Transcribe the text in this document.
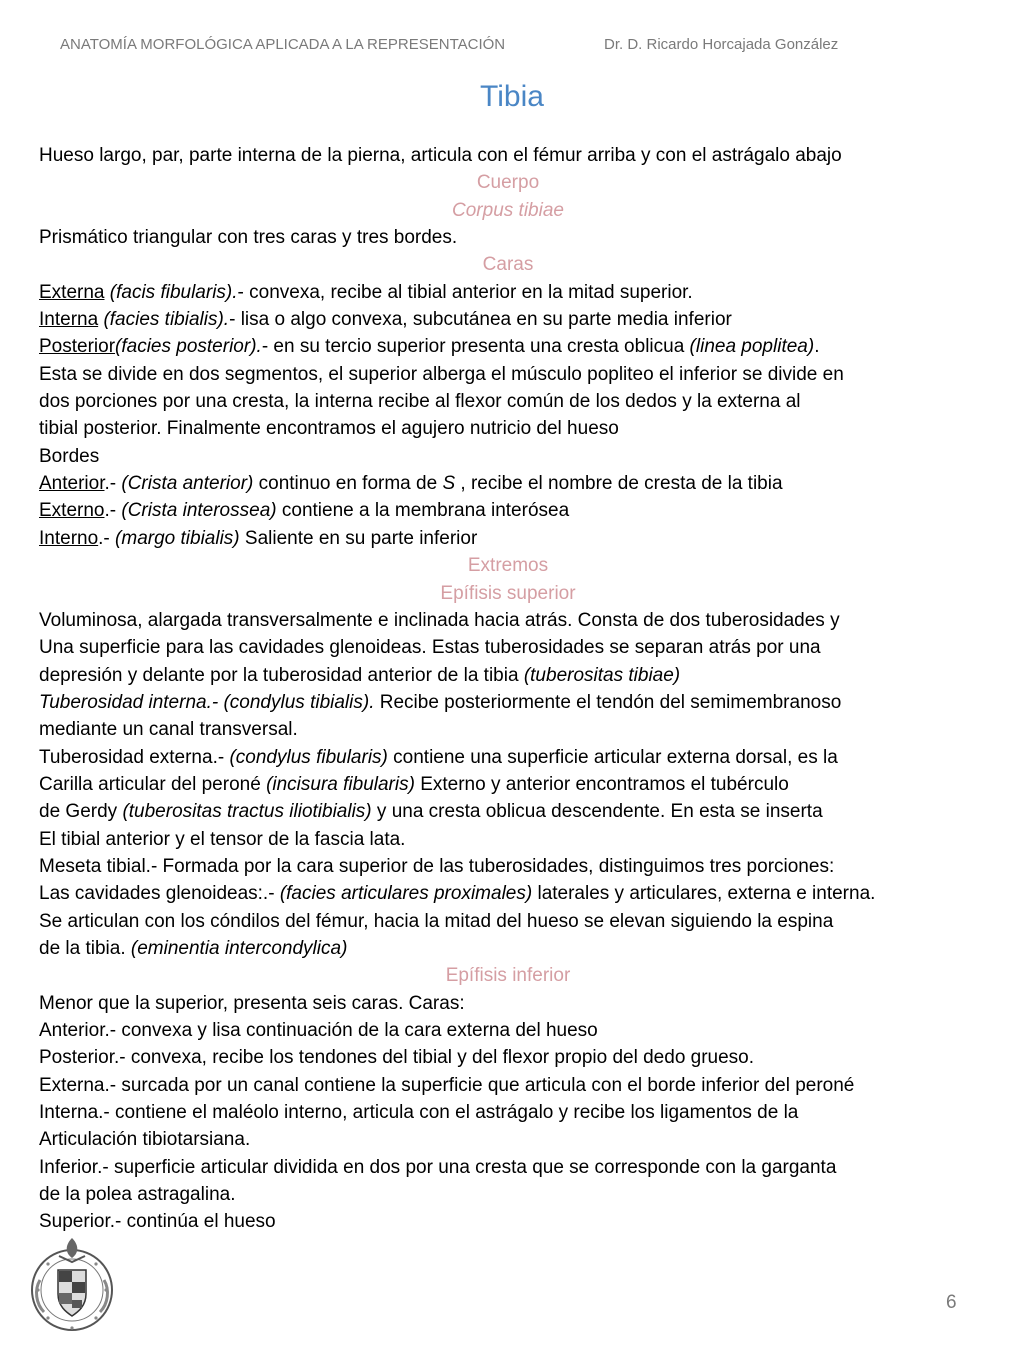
ANATOMÍA MORFOLÓGICA APLICADA A LA REPRESENTACIÓN	Dr. D. Ricardo Horcajada González
Tibia
Hueso largo, par, parte interna de la pierna, articula con el fémur arriba y con el astrágalo abajo
Cuerpo
Corpus tibiae
Prismático triangular con tres caras y tres bordes.
Caras
Externa (facis fibularis).- convexa, recibe al tibial anterior en la mitad superior.
Interna (facies tibialis).- lisa o algo convexa, subcutánea en su parte media inferior
Posterior(facies posterior).- en su tercio superior presenta una cresta oblicua (linea poplitea).
Esta se divide en dos segmentos, el superior alberga el músculo popliteo el inferior se divide en
dos porciones por una cresta, la interna recibe al flexor común de los dedos y la externa al
tibial posterior. Finalmente encontramos el agujero nutricio del hueso
Bordes
Anterior.- (Crista anterior) continuo en forma de S , recibe el nombre de cresta de la tibia
Externo.- (Crista interossea) contiene a la membrana interósea
Interno.- (margo tibialis) Saliente en su parte inferior
Extremos
Epífisis superior
Voluminosa, alargada transversalmente e inclinada hacia atrás. Consta de dos tuberosidades y
Una superficie para las cavidades glenoideas. Estas tuberosidades se separan atrás por una
depresión y delante por la tuberosidad anterior de la tibia (tuberositas tibiae)
Tuberosidad interna.- (condylus tibialis). Recibe posteriormente el tendón del semimembranoso
mediante un canal transversal.
Tuberosidad externa.- (condylus fibularis) contiene una superficie articular externa dorsal, es la
Carilla articular del peroné (incisura fibularis) Externo y anterior encontramos el tubérculo
de Gerdy (tuberositas tractus iliotibialis) y una cresta oblicua descendente. En esta se inserta
El tibial anterior y el tensor de la fascia lata.
Meseta tibial.- Formada por la cara superior de las tuberosidades, distinguimos tres porciones:
Las cavidades glenoideas:.- (facies articulares proximales) laterales y articulares, externa e interna.
Se articulan con los cóndilos del fémur, hacia la mitad del hueso se elevan siguiendo la espina
de la tibia. (eminentia intercondylica)
Epífisis inferior
Menor que la superior, presenta seis caras. Caras:
Anterior.- convexa y lisa continuación de la cara externa del hueso
Posterior.- convexa, recibe los tendones del tibial y del flexor propio del dedo grueso.
Externa.- surcada por un canal contiene la superficie que articula con el borde inferior del peroné
Interna.- contiene el maléolo interno, articula con el astrágalo y recibe los ligamentos de la
Articulación tibiotarsiana.
Inferior.- superficie articular dividida en dos por una cresta que se corresponde con la garganta
de la polea astragalina.
Superior.- continúa el hueso
6
